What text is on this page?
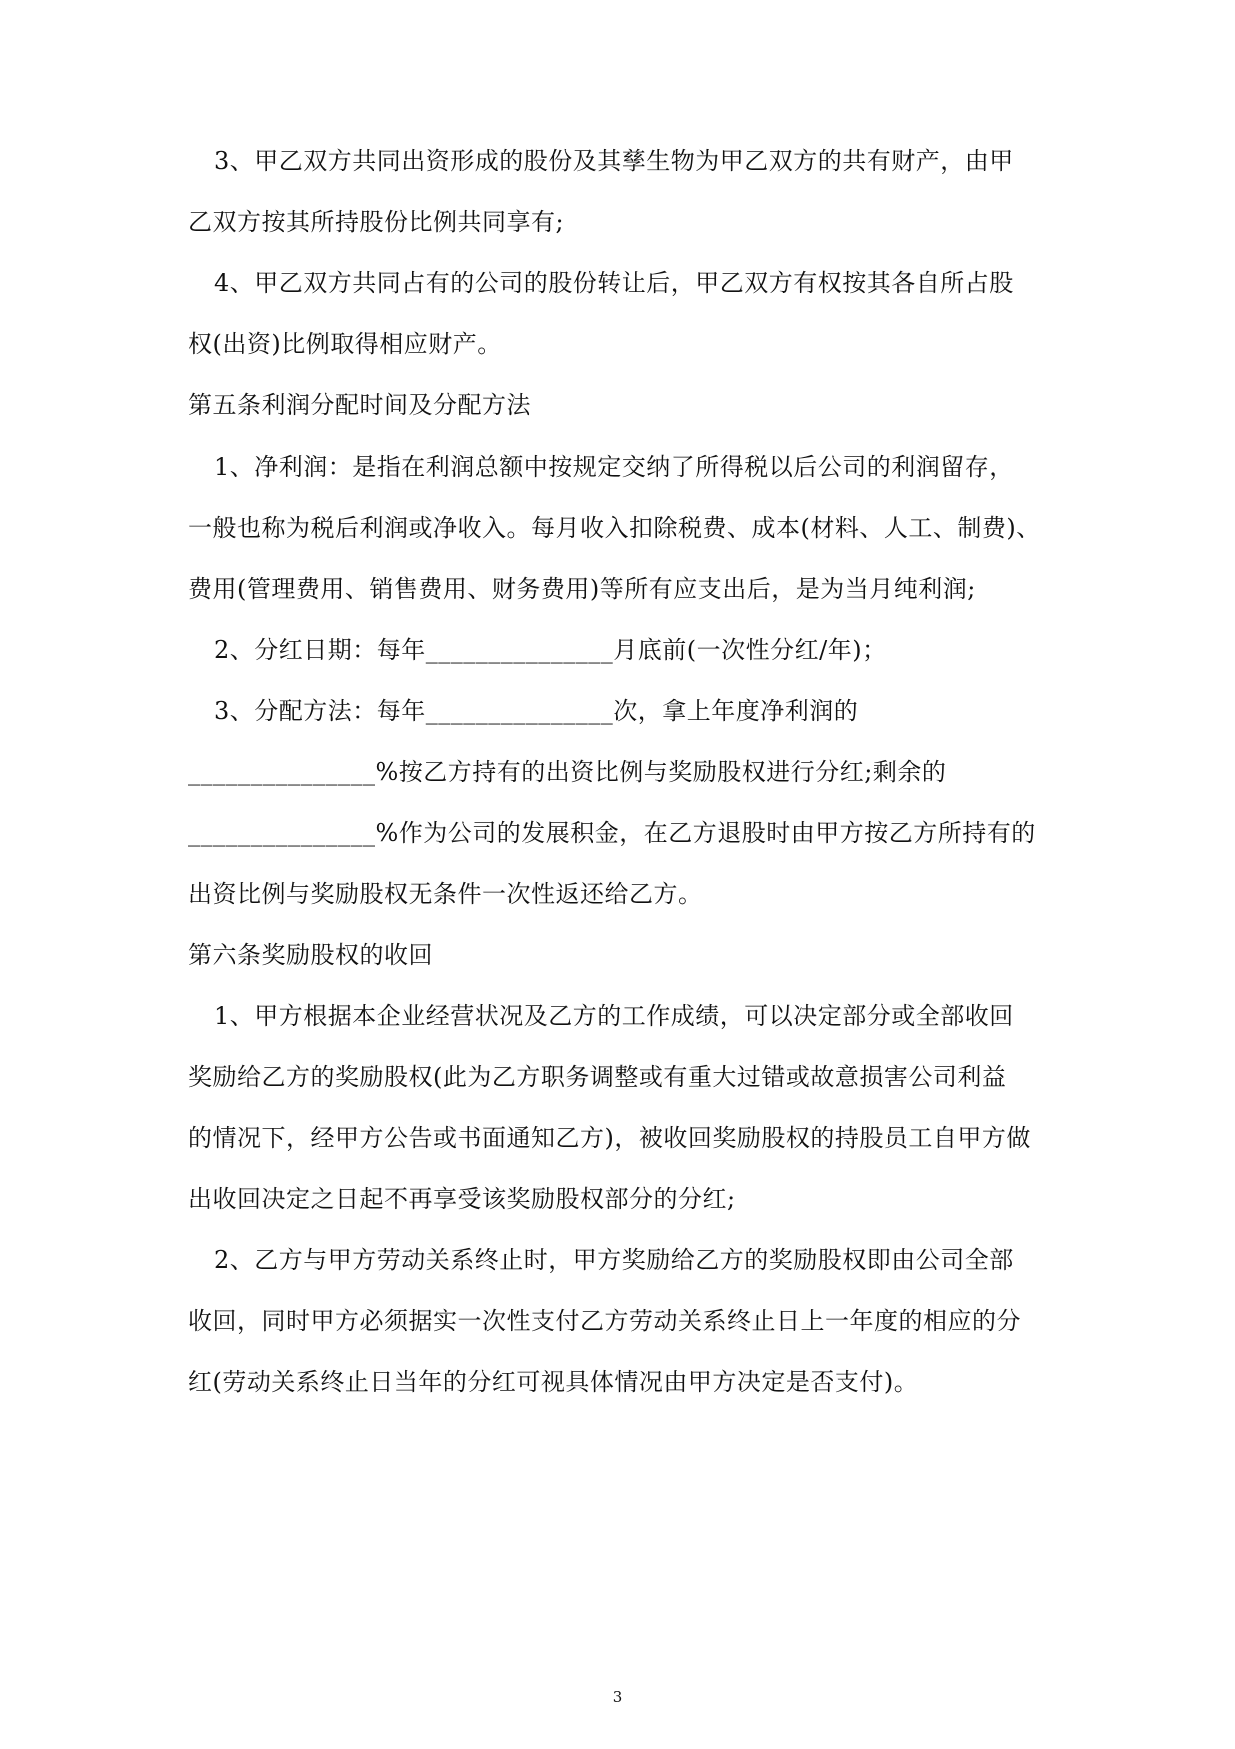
3、甲乙双方共同出资形成的股份及其孳生物为甲乙双方的共有财产，由甲
乙双方按其所持股份比例共同享有;
4、甲乙双方共同占有的公司的股份转让后，甲乙双方有权按其各自所占股
权(出资)比例取得相应财产。
第五条利润分配时间及分配方法
1、净利润：是指在利润总额中按规定交纳了所得税以后公司的利润留存，
一般也称为税后利润或净收入。每月收入扣除税费、成本(材料、人工、制费)、
费用(管理费用、销售费用、财务费用)等所有应支出后，是为当月纯利润;
2、分红日期：每年_______________月底前(一次性分红/年)；
3、分配方法：每年_______________次，拿上年度净利润的
_______________%按乙方持有的出资比例与奖励股权进行分红;剩余的
_______________%作为公司的发展积金，在乙方退股时由甲方按乙方所持有的
出资比例与奖励股权无条件一次性返还给乙方。
第六条奖励股权的收回
1、甲方根据本企业经营状况及乙方的工作成绩，可以决定部分或全部收回
奖励给乙方的奖励股权(此为乙方职务调整或有重大过错或故意损害公司利益
的情况下，经甲方公告或书面通知乙方)，被收回奖励股权的持股员工自甲方做
出收回决定之日起不再享受该奖励股权部分的分红;
2、乙方与甲方劳动关系终止时，甲方奖励给乙方的奖励股权即由公司全部
收回，同时甲方必须据实一次性支付乙方劳动关系终止日上一年度的相应的分
红(劳动关系终止日当年的分红可视具体情况由甲方决定是否支付)。
3
